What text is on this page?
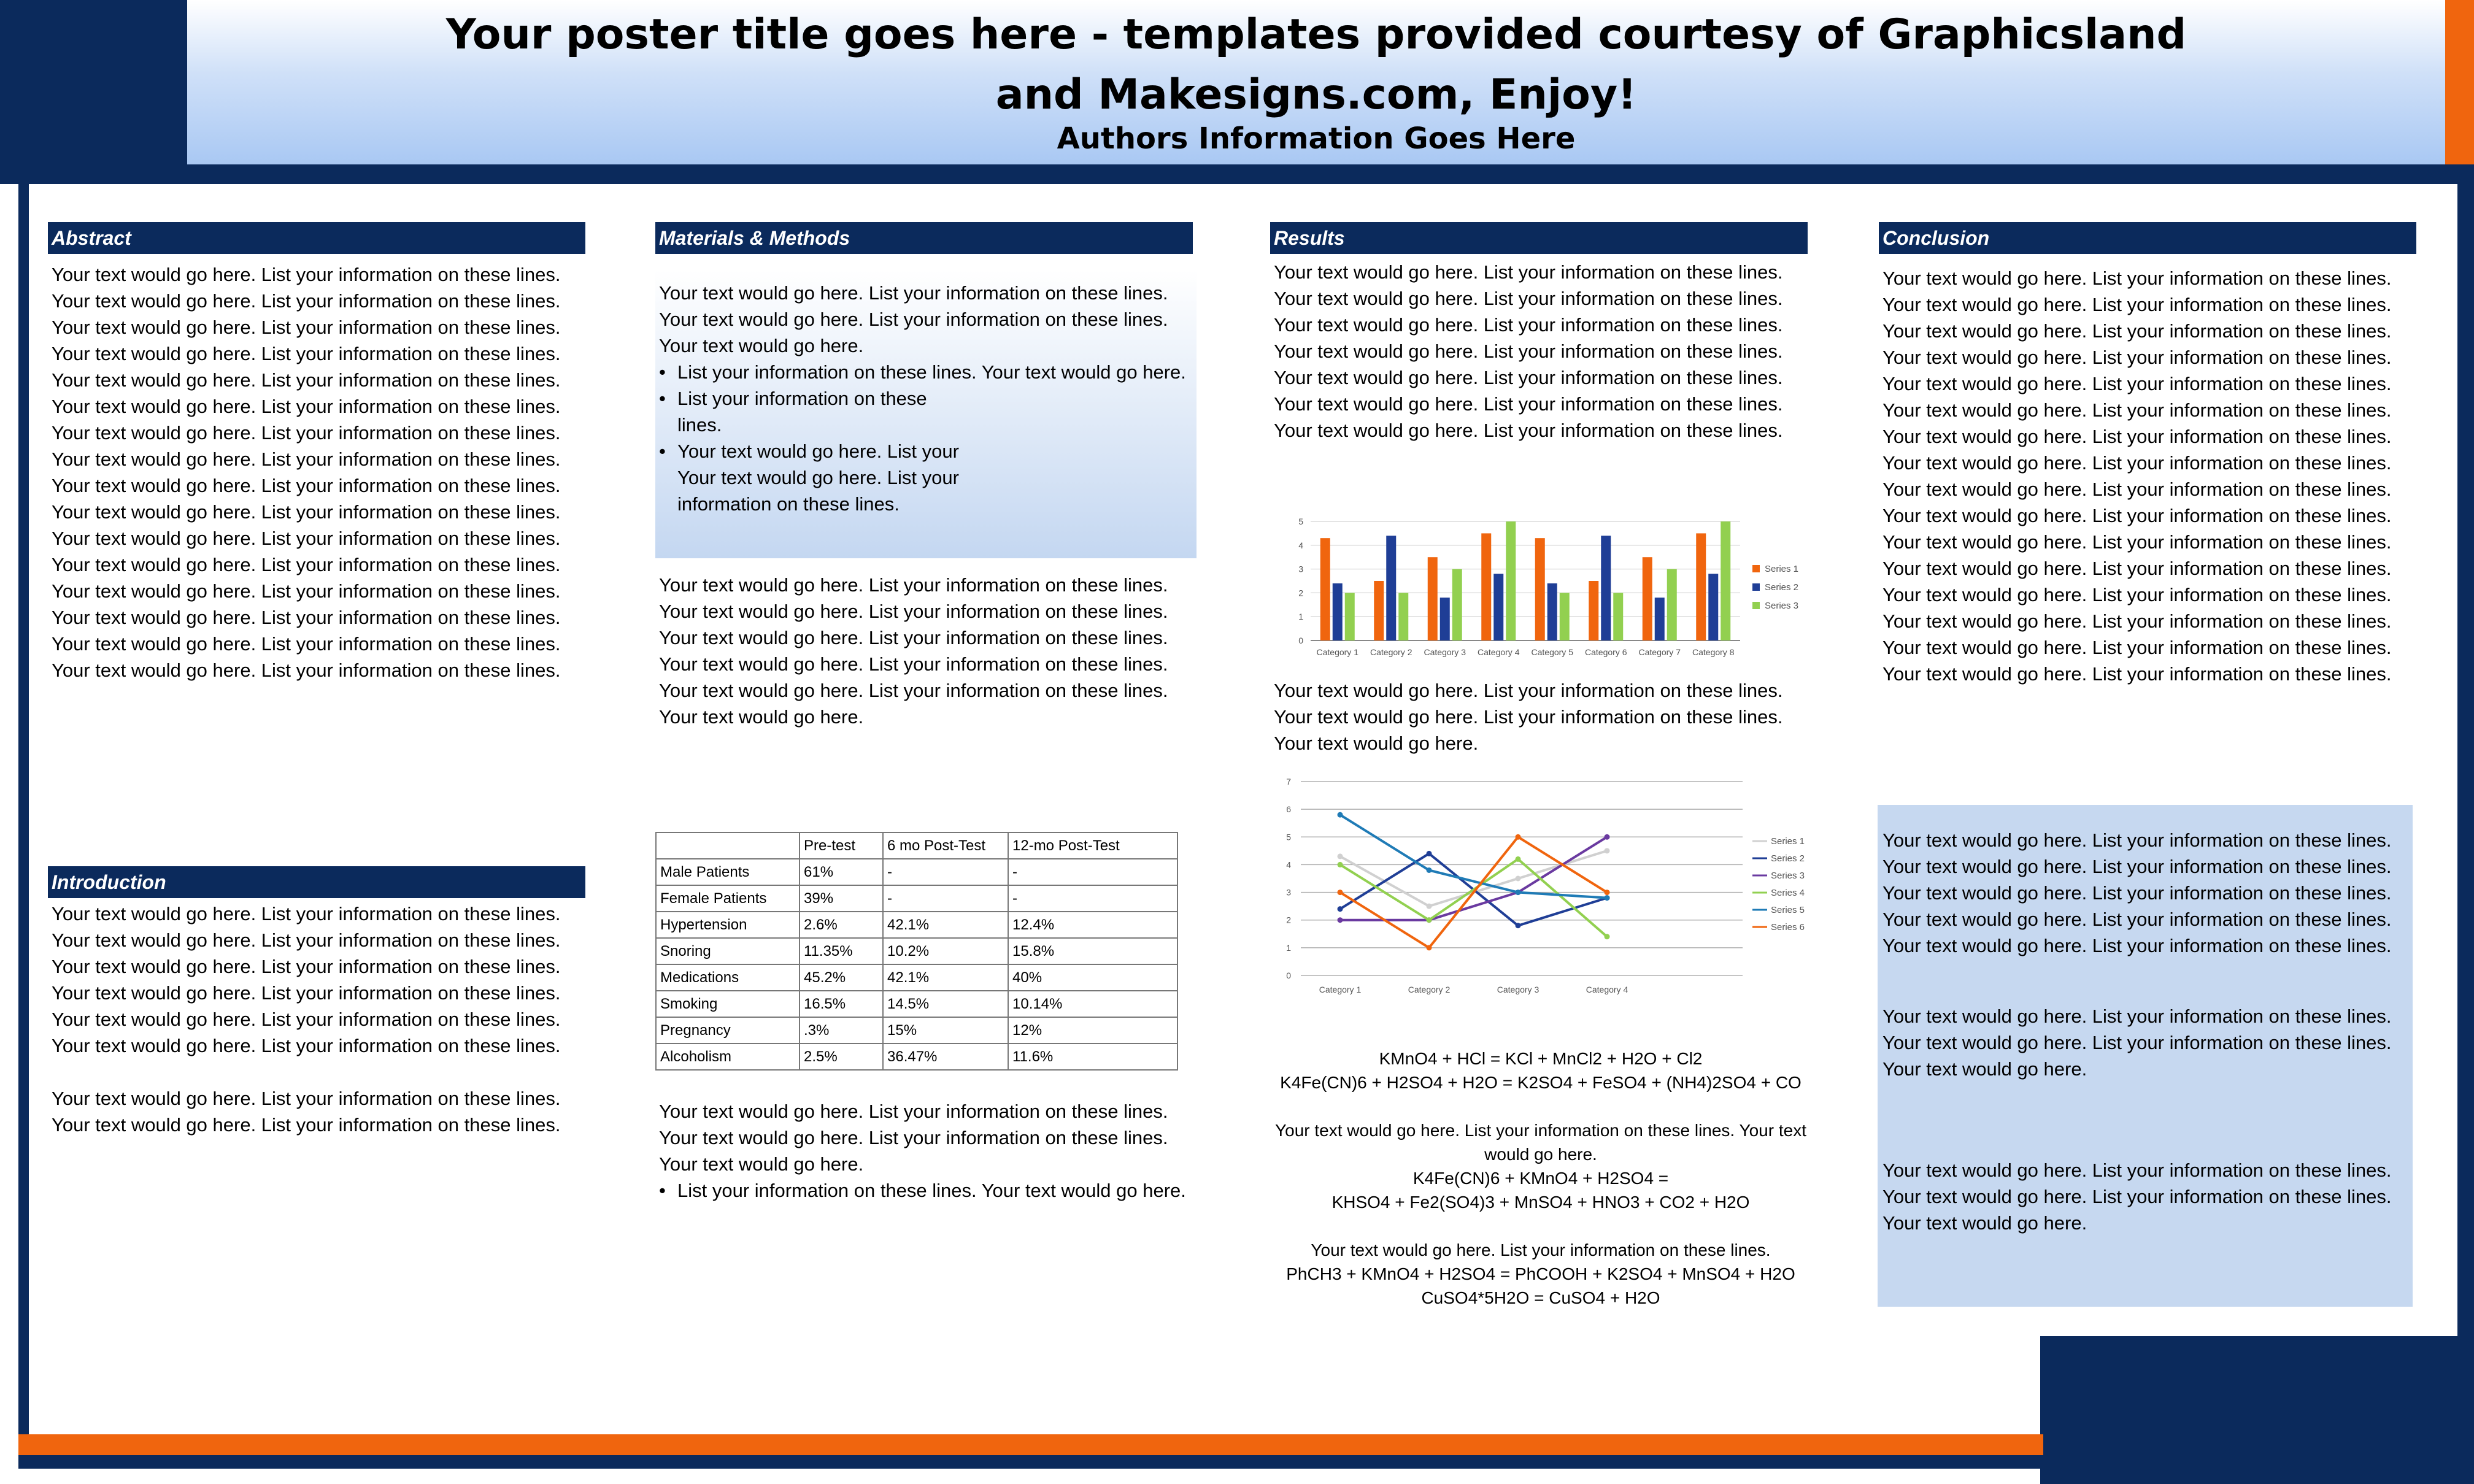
Your poster title goes here - templates provided courtesy of Graphicsland
and Makesigns.com, Enjoy!
Authors Information Goes Here
Abstract

Your text would go here. List your information on these lines. Your text would go here. List your information on these lines. Your text would go here. List your information on these lines. Your text would go here. List your information on these lines. Your text would go here. List your information on these lines. Your text would go here. List your information on these lines. Your text would go here. List your information on these lines. Your text would go here. List your information on these lines.

Your text would go here. List your information on these lines. Your text would go here. List your information on these lines. Your text would go here. List your information on these lines. Your text would go here. List your information on these lines.

Your text would go here. List your information on these lines. Your text would go here. List your information on these lines. Your text would go here. List your information on these lines. Your text would go here. List your information on these lines.

Introduction

Your text would go here. List your information on these lines. Your text would go here. List your information on these lines. Your text would go here. List your information on these lines. Your text would go here. List your information on these lines. Your text would go here. List your information on these lines. Your text would go here. List your information on these lines.

Your text would go here. List your information on these lines. Your text would go here. List your information on these lines.

Materials & Methods

Your text would go here. List your information on these lines. Your text would go here. List your information on these lines. Your text would go here.

• List your information on these lines. Your text would go here.
• List your information on these lines.
• Your text would go here. List your Your text would go here. List your information on these lines.

Your text would go here. List your information on these lines. Your text would go here. List your information on these lines. Your text would go here. List your information on these lines. Your text would go here. List your information on these lines.

Your text would go here. List your information on these lines. Your text would go here.

	Pre-test	6 mo Post-Test	12-mo Post-Test
Male Patients	61%	-	-
Female Patients	39%	-	-
Hypertension	2.6%	42.1%	12.4%
Snoring	11.35%	10.2%	15.8%
Medications	45.2%	42.1%	40%
Smoking	16.5%	14.5%	10.14%
Pregnancy	.3%	15%	12%
Alcoholism	2.5%	36.47%	11.6%

Your text would go here. List your information on these lines. Your text would go here. List your information on these lines. Your text would go here.

• List your information on these lines. Your text would go here.
Results
Your text would go here. List your information on these lines. Your text would go here. List your information on these lines. Your text would go here. List your information on these lines. Your text would go here. List your information on these lines. Your text would go here. List your information on these lines. Your text would go here. List your information on these lines. Your text would go here. List your information on these lines.
0
1
2
3
4
5
Category 1 Category 2 Category 3 Category 4 Category 5 Category 6 Category 7 Category 8
Series 1
Series 2
Series 3
Your text would go here. List your information on these lines. Your text would go here. List your information on these lines. Your text would go here.
0
1
2
3
4
5
6
7
Category 1	Category 2	Category 3	Category 4
Series 1
Series 2
Series 3
Series 4
Series 5
Series 6
KMnO4 + HCl = KCl + MnCl2 + H2O + Cl2
K4Fe(CN)6 + H2SO4 + H2O = K2SO4 + FeSO4 + (NH4)2SO4 + CO
Your text would go here. List your information on these lines. Your text would go here.
K4Fe(CN)6 + KMnO4 + H2SO4 =
KHSO4 + Fe2(SO4)3 + MnSO4 + HNO3 + CO2 + H2O
Your text would go here. List your information on these lines.
PhCH3 + KMnO4 + H2SO4 = PhCOOH + K2SO4 + MnSO4 + H2O
CuSO4*5H2O = CuSO4 + H2O
Conclusion

Your text would go here. List your information on these lines. Your text would go here. List your information on these lines. Your text would go here. List your information on these lines. Your text would go here. List your information on these lines. Your text would go here. List your information on these lines. Your text would go here. List your information on these lines. Your text would go here. List your information on these lines. Your text would go here. List your information on these lines.

Your text would go here. List your information on these lines. Your text would go here. List your information on these lines. Your text would go here. List your information on these lines. Your text would go here. List your information on these lines.

Your text would go here. List your information on these lines. Your text would go here. List your information on these lines. Your text would go here. List your information on these lines. Your text would go here. List your information on these lines.

Your text would go here. List your information on these lines. Your text would go here. List your information on these lines. Your text would go here. List your information on these lines. Your text would go here. List your information on these lines. Your text would go here. List your information on these lines.

Your text would go here. List your information on these lines. Your text would go here. List your information on these lines. Your text would go here.

Your text would go here. List your information on these lines. Your text would go here. List your information on these lines. Your text would go here.
